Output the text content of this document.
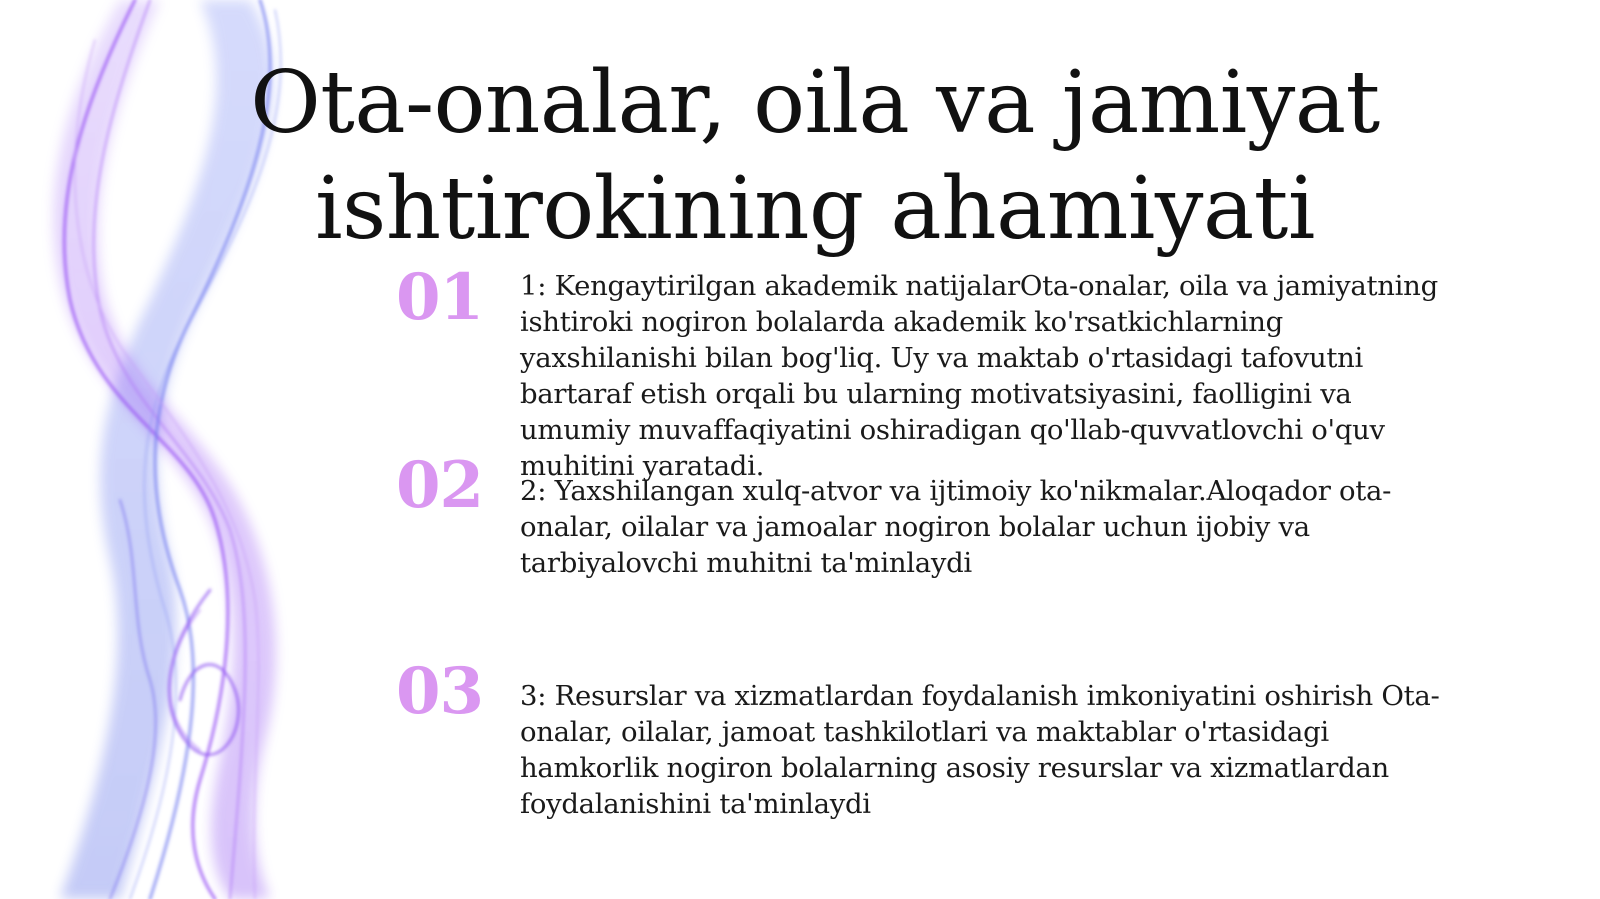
Ota-onalar, oila va jamiyat ishtirokining ahamiyati
01 1: Kengaytirilgan akademik natijalarOta-onalar, oila va jamiyatning ishtiroki nogiron bolalarda akademik ko'rsatkichlarning yaxshilanishi bilan bog'liq. Uy va maktab o'rtasidagi tafovutni bartaraf etish orqali bu ularning motivatsiyasini, faolligini va umumiy muvaffaqiyatini oshiradigan qo'llab-quvvatlovchi o'quv muhitini yaratadi.

02 2: Yaxshilangan xulq-atvor va ijtimoiy ko'nikmalar.Aloqador ota-onalar, oilalar va jamoalar nogiron bolalar uchun ijobiy va tarbiyalovchi muhitni ta'minlaydi

03 3: Resurslar va xizmatlardan foydalanish imkoniyatini oshirish Ota-onalar, oilalar, jamoat tashkilotlari va maktablar o'rtasidagi hamkorlik nogiron bolalarning asosiy resurslar va xizmatlardan foydalanishini ta'minlaydi
